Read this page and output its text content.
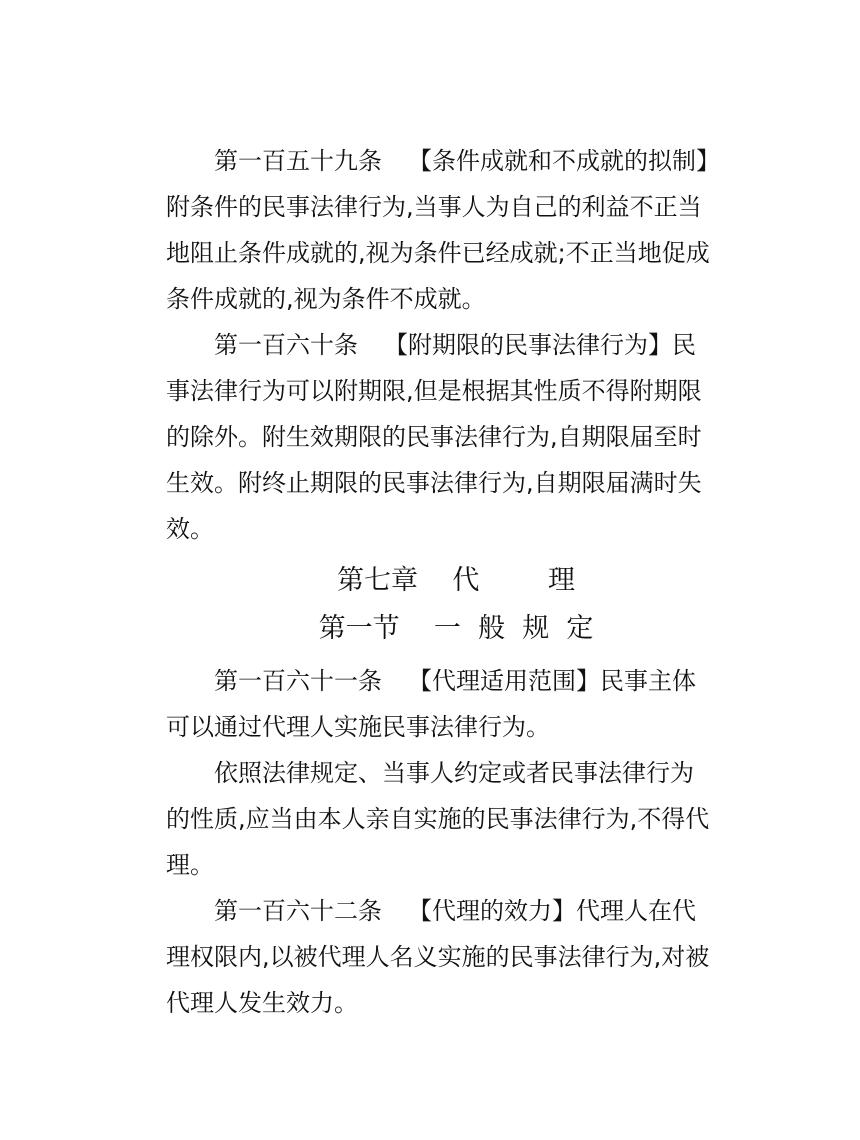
第一百五十九条 【条件成就和不成就的拟制】
附条件的民事法律行为,当事人为自己的利益不正当
地阻止条件成就的,视为条件已经成就;不正当地促成
条件成就的,视为条件不成就。
第一百六十条 【附期限的民事法律行为】民
事法律行为可以附期限,但是根据其性质不得附期限
的除外。附生效期限的民事法律行为,自期限届至时
生效。附终止期限的民事法律行为,自期限届满时失
效。
第七章    代        理
第一节    一  般  规  定
第一百六十一条 【代理适用范围】民事主体
可以通过代理人实施民事法律行为。
依照法律规定、当事人约定或者民事法律行为
的性质,应当由本人亲自实施的民事法律行为,不得代
理。
第一百六十二条 【代理的效力】代理人在代
理权限内,以被代理人名义实施的民事法律行为,对被
代理人发生效力。
